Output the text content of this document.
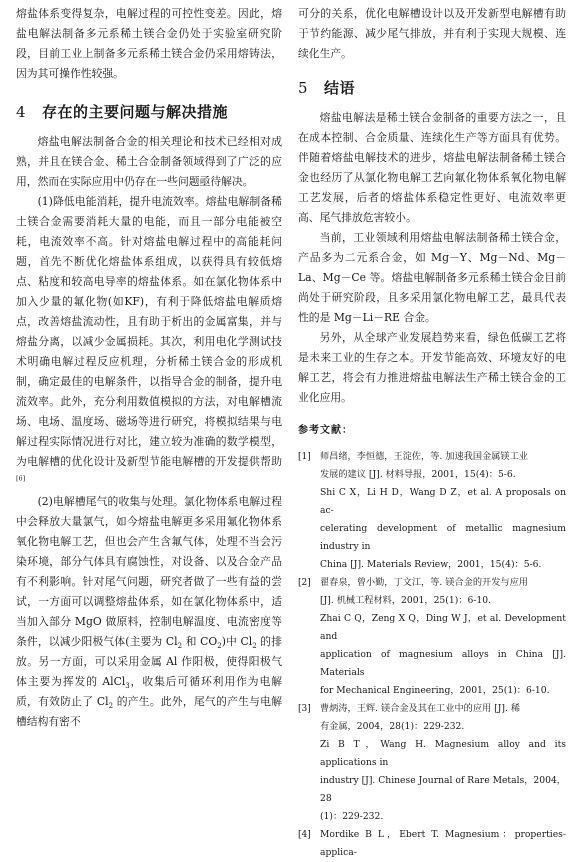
熔盐体系变得复杂，电解过程的可控性变差。因此，熔盐电解法制备多元系稀土镁合金仍处于实验室研究阶段，目前工业上制备多元系稀土镁合金仍采用熔铸法，因为其可操作性较强。

4 存在的主要问题与解决措施

熔盐电解法制备合金的相关理论和技术已经相对成熟，并且在镁合金、稀土合金制备领域得到了广泛的应用，然而在实际应用中仍存在一些问题亟待解决。

(1)降低电能消耗，提升电流效率。熔盐电解制备稀土镁合金需要消耗大量的电能，而且一部分电能被空耗，电流效率不高。针对熔盐电解过程中的高能耗问题，首先不断优化熔盐体系组成，以获得具有较低熔点、粘度和较高电导率的熔盐体系。如在氯化物体系中加入少量的氟化物(如KF)，有利于降低熔盐电解质熔点，改善熔盐流动性，且有助于析出的金属富集，并与熔盐分离，以减少金属损耗。其次，利用电化学测试技术明确电解过程反应机理，分析稀土镁合金的形成机制，确定最佳的电解条件，以指导合金的制备，提升电流效率。此外，充分利用数值模拟的方法，对电解槽流场、电场、温度场、磁场等进行研究，将模拟结果与电解过程实际情况进行对比，建立较为准确的数学模型，为电解槽的优化设计及新型节能电解槽的开发提供帮助[6]

(2)电解槽尾气的收集与处理。氯化物体系电解过程中会释放大量氯气，如今熔盐电解更多采用氟化物体系氧化物电解工艺，但也会产生含氟气体，处理不当会污染环境，部分气体具有腐蚀性，对设备、以及合金产品有不利影响。针对尾气问题，研究者做了一些有益的尝试，一方面可以调整熔盐体系，如在氯化物体系中，适当加入部分 MgO 做原料，控制电解温度、电流密度等条件，以减少阳极气体(主要为 $Cl_2$ 和 $CO_2$)中 $Cl_2$ 的排放。另一方面，可以采用金属 Al 作阳极，使得阳极气体主要为挥发的 AlCl$_3$，收集后可循环利用作为电解质，有效防止了 $Cl_2$ 的产生。此外，尾气的产生与电解槽结构有密不

可分的关系，优化电解槽设计以及开发新型电解槽有助于节约能源、减少尾气排放，并有利于实现大规模、连续化生产。

5 结语

熔盐电解法是稀土镁合金制备的重要方法之一，且在成本控制、合金质量、连续化生产等方面具有优势。伴随着熔盐电解技术的进步，熔盐电解法制备稀土镁合金也经历了从氯化物电解工艺向氟化物体系氧化物电解工艺发展，后者的熔盐体系稳定性更好、电流效率更高、尾气排放危害较小。

当前，工业领域利用熔盐电解法制备稀土镁合金，产品多为二元系合金，如 Mg－Y、Mg－Nd、Mg－La、Mg－Ce 等。熔盐电解制备多元系稀土镁合金目前尚处于研究阶段，且多采用氯化物电解工艺，最具代表性的是 Mg－Li－RE 合金。

另外，从全球产业发展趋势来看，绿色低碳工艺将是未来工业的生存之本。开发节能高效、环境友好的电解工艺，将会有力推进熔盐电解法生产稀土镁合金的工业化应用。

参考文献：
[1]	师昌绪，李恒德，王淀佐，等. 加速我国金属镁工业
发展的建议 [J]. 材料导报，2001，15(4)：5-6.
Shi C X，Li H D，Wang D Z，et al. A proposals on ac-
celerating development of metallic magnesium industry in
China [J]. Materials Review，2001，15(4)：5-6.
[2]	翟春泉，曾小勤，丁文江，等. 镁合金的开发与应用
[J]. 机械工程材料，2001，25(1)：6-10.
Zhai C Q，Zeng X Q，Ding W J，et al. Development and
application of magnesium alloys in China [J]. Materials
for Mechanical Engineering，2001，25(1)：6-10.
[3]	曹炳涛，王辉. 镁合金及其在工业中的应用 [J]. 稀
有金属，2004，28(1)：229-232.
Zi B T，Wang H. Magnesium alloy and its applications in
industry [J]. Chinese Journal of Rare Metals，2004，28
(1)：229-232.
[4]	Mordike B L，Ebert T. Magnesium：properties-applica-
